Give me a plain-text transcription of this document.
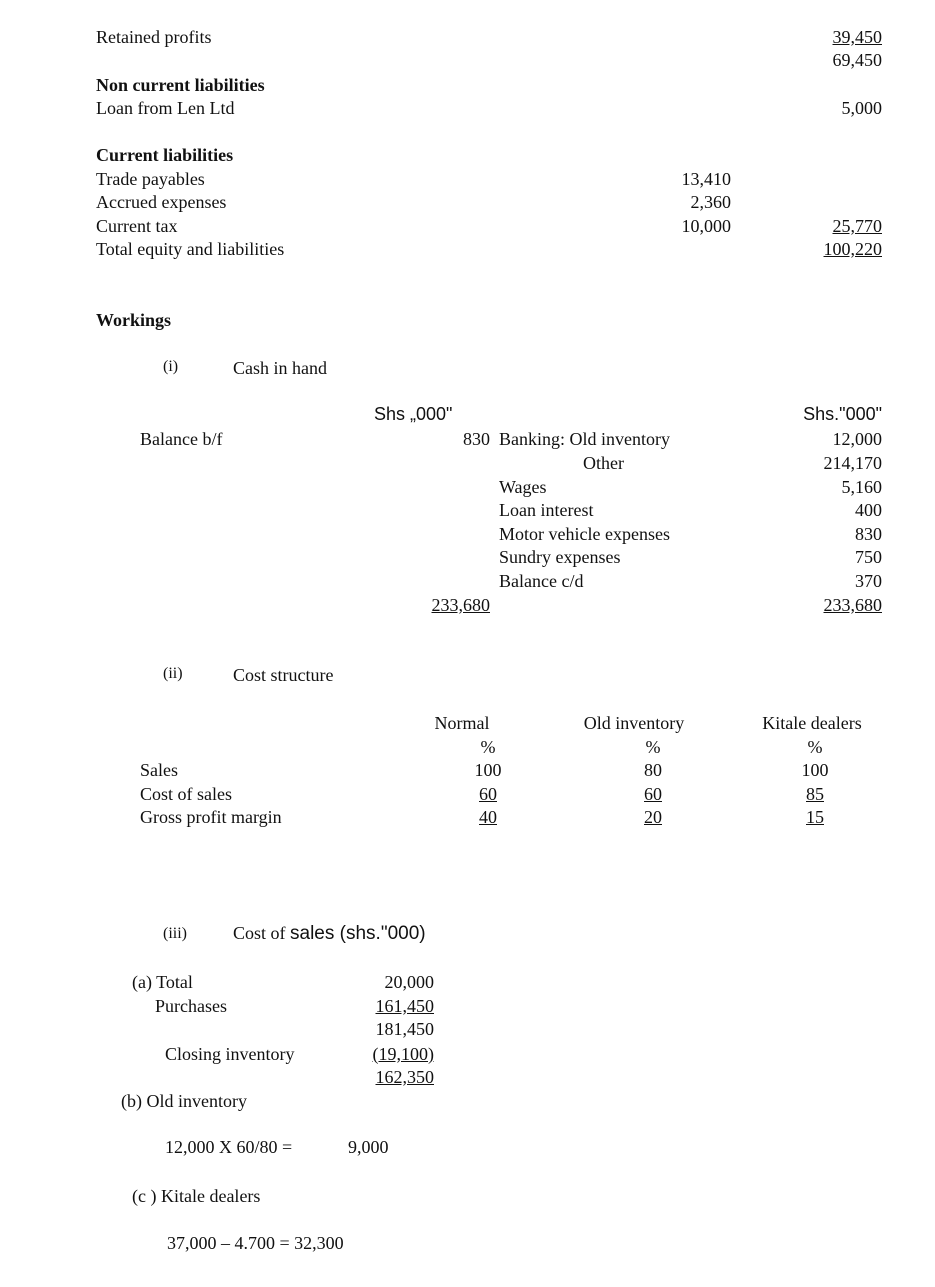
Retained profits	39,450
69,450
Non current liabilities
Loan from Len Ltd	5,000
Current liabilities
Trade payables	13,410
Accrued expenses	2,360
Current tax	10,000	25,770
Total equity and liabilities	100,220
Workings
(i)	Cash in hand
Shs „000"	Shs."000"
Balance b/f	830 Banking: Old inventory	12,000
Other	214,170
Wages	5,160
Loan interest	400
Motor vehicle expenses	830
Sundry expenses	750
Balance c/d	370
233,680	233,680
(ii)	Cost structure
Normal	Old inventory	Kitale dealers
%	%	%
Sales	100	80	100
Cost of sales	60	60	85
Gross profit margin	40	20	15
(iii)	Cost of sales (shs."000)
(a) Total	20,000
Purchases	161,450
181,450
Closing inventory	(19,100)
162,350
(b) Old inventory
12,000 X 60/80 =	9,000
(c ) Kitale dealers
37,000 – 4.700 = 32,300
